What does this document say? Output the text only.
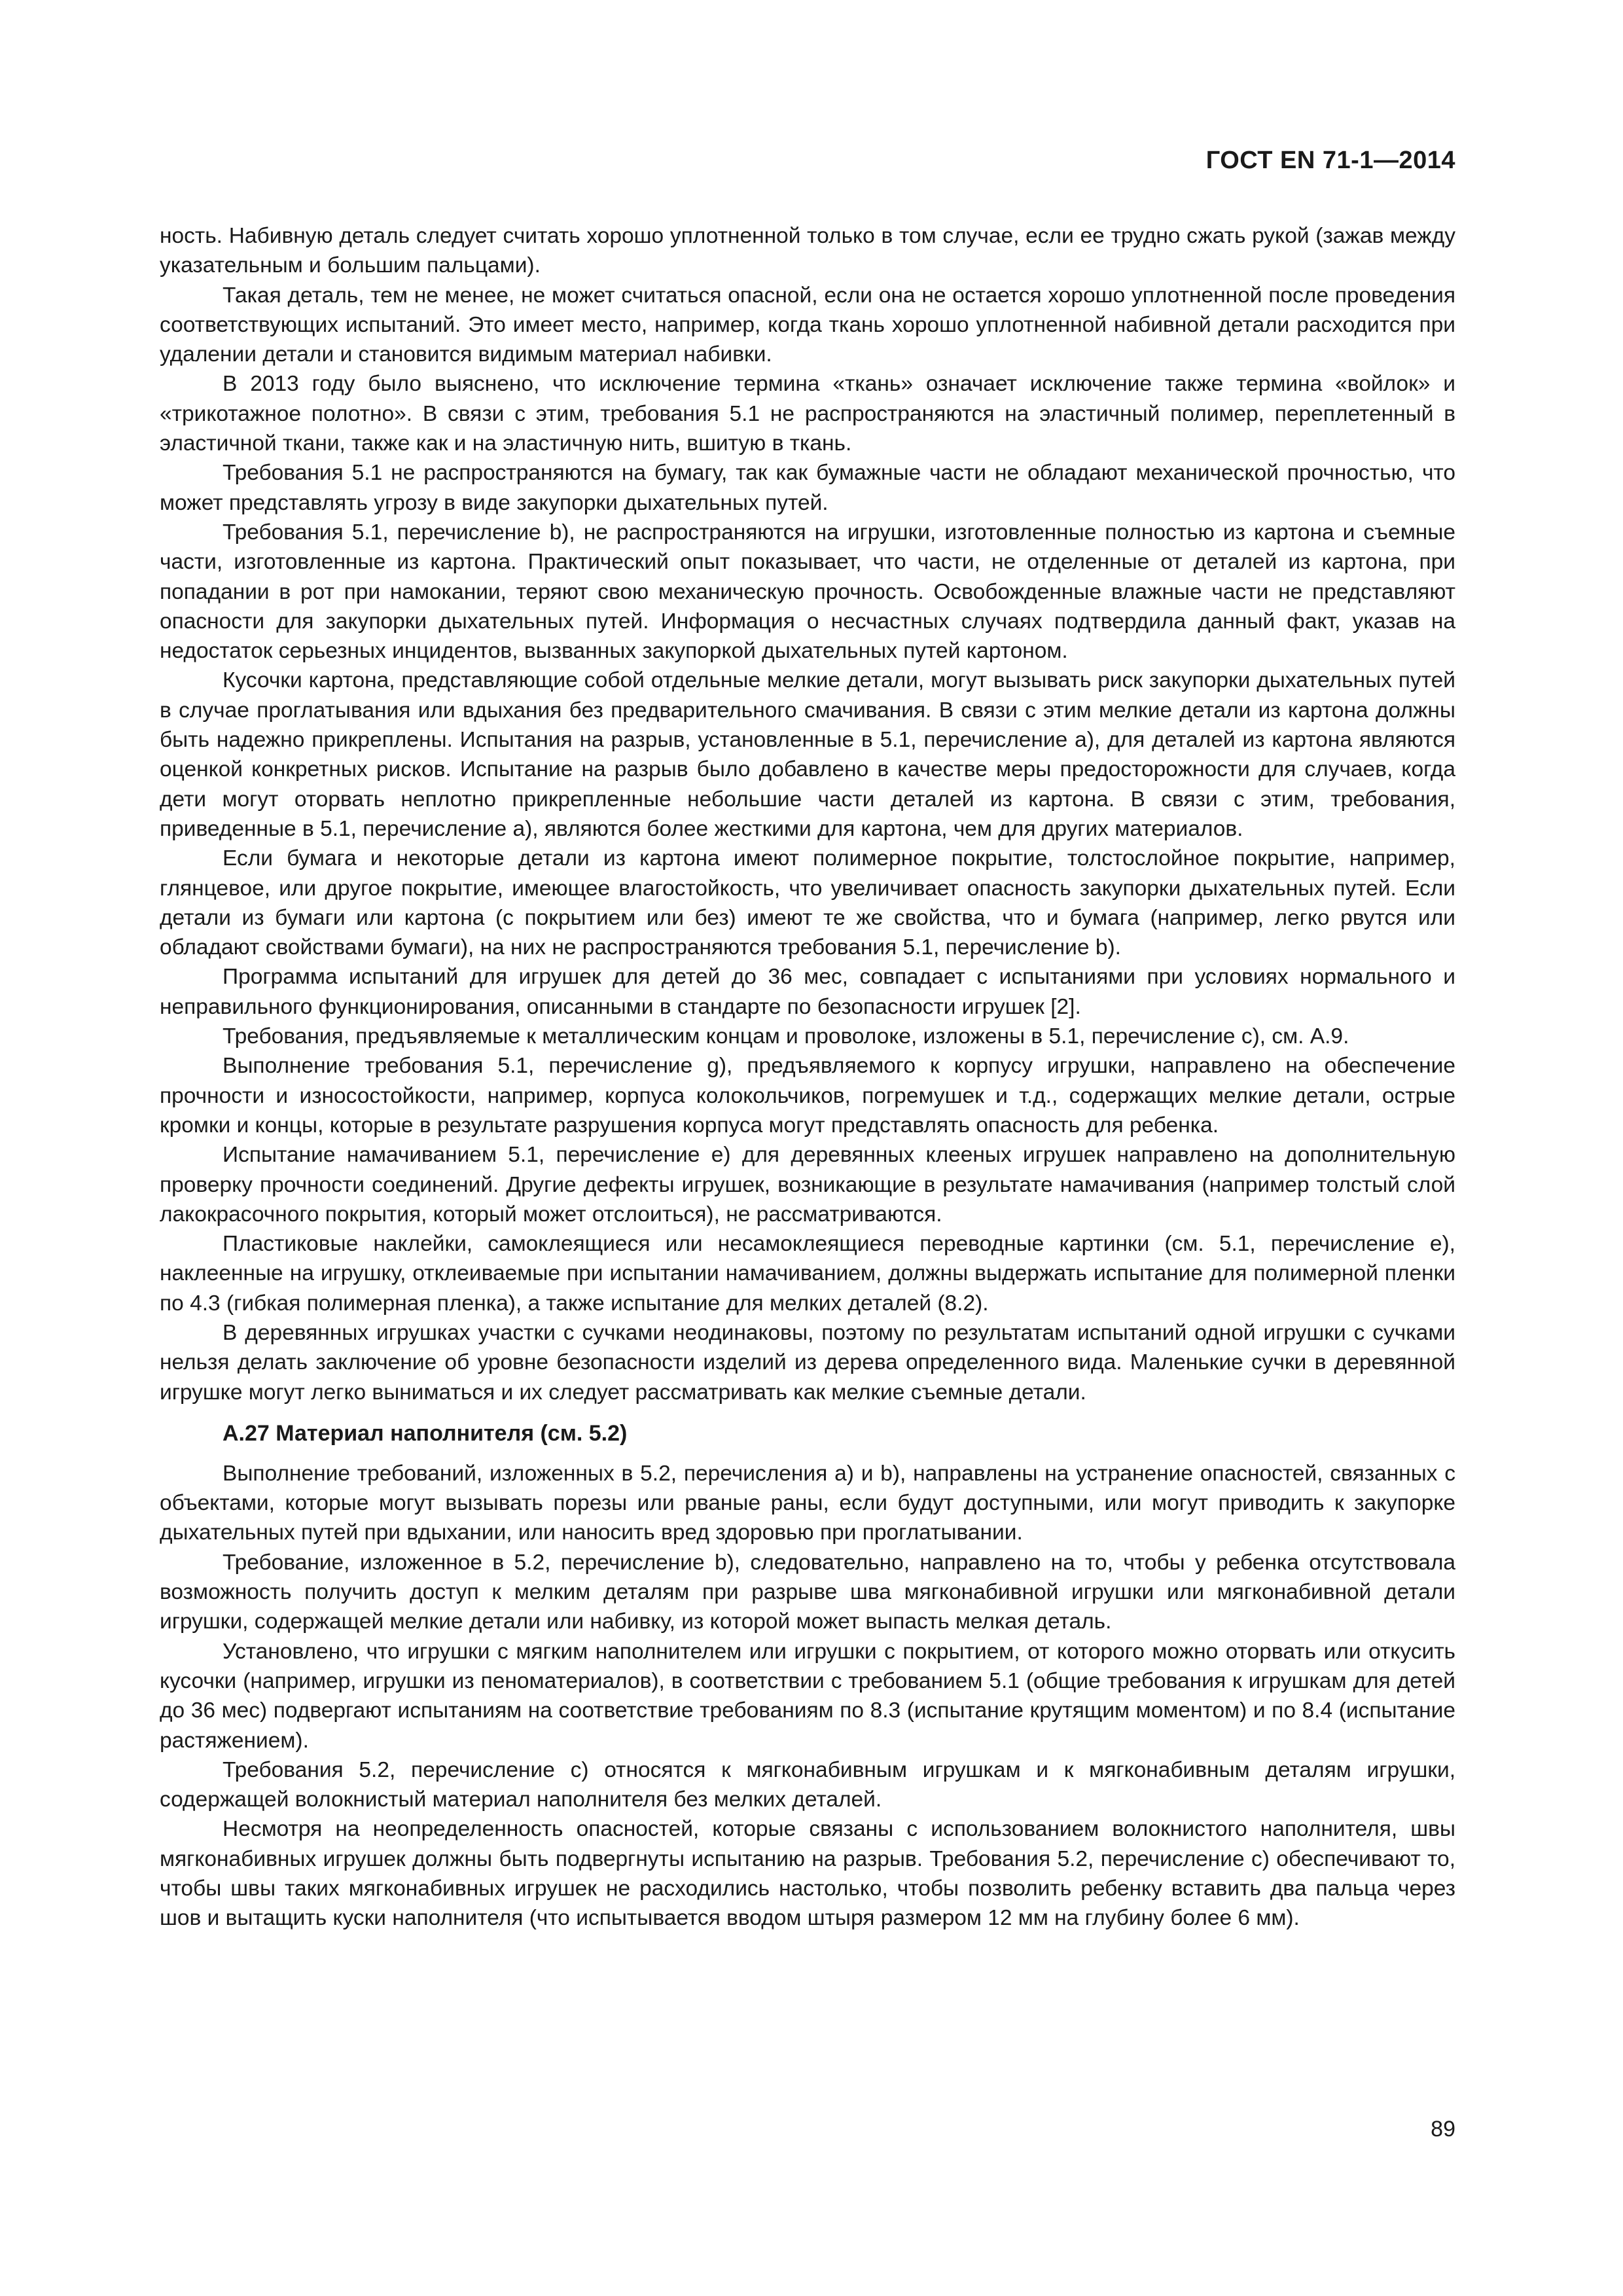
ГОСТ EN 71-1—2014

ность. Набивную деталь следует считать хорошо уплотненной только в том случае, если ее трудно сжать рукой (зажав между указательным и большим пальцами).

Такая деталь, тем не менее, не может считаться опасной, если она не остается хорошо уплотненной после проведения соответствующих испытаний. Это имеет место, например, когда ткань хорошо уплотненной набивной детали расходится при удалении детали и становится видимым материал набивки.

В 2013 году было выяснено, что исключение термина «ткань» означает исключение также термина «войлок» и «трикотажное полотно». В связи с этим, требования 5.1 не распространяются на эластичный полимер, переплетенный в эластичной ткани, также как и на эластичную нить, вшитую в ткань.

Требования 5.1 не распространяются на бумагу, так как бумажные части не обладают механической прочностью, что может представлять угрозу в виде закупорки дыхательных путей.

Требования 5.1, перечисление b), не распространяются на игрушки, изготовленные полностью из картона и съемные части, изготовленные из картона. Практический опыт показывает, что части, не отделенные от деталей из картона, при попадании в рот при намокании, теряют свою механическую прочность. Освобожденные влажные части не представляют опасности для закупорки дыхательных путей. Информация о несчастных случаях подтвердила данный факт, указав на недостаток серьезных инцидентов, вызванных закупоркой дыхательных путей картоном.

Кусочки картона, представляющие собой отдельные мелкие детали, могут вызывать риск закупорки дыхательных путей в случае проглатывания или вдыхания без предварительного смачивания. В связи с этим мелкие детали из картона должны быть надежно прикреплены. Испытания на разрыв, установленные в 5.1, перечисление а), для деталей из картона являются оценкой конкретных рисков. Испытание на разрыв было добавлено в качестве меры предосторожности для случаев, когда дети могут оторвать неплотно прикрепленные небольшие части деталей из картона. В связи с этим, требования, приведенные в 5.1, перечисление а), являются более жесткими для картона, чем для других материалов.

Если бумага и некоторые детали из картона имеют полимерное покрытие, толстослойное покрытие, например, глянцевое, или другое покрытие, имеющее влагостойкость, что увеличивает опасность закупорки дыхательных путей. Если детали из бумаги или картона (с покрытием или без) имеют те же свойства, что и бумага (например, легко рвутся или обладают свойствами бумаги), на них не распространяются требования 5.1, перечисление b).

Программа испытаний для игрушек для детей до 36 мес, совпадает с испытаниями при условиях нормального и неправильного функционирования, описанными в стандарте по безопасности игрушек [2].

Требования, предъявляемые к металлическим концам и проволоке, изложены в 5.1, перечисление с), см. А.9.

Выполнение требования 5.1, перечисление g), предъявляемого к корпусу игрушки, направлено на обеспечение прочности и износостойкости, например, корпуса колокольчиков, погремушек и т.д., содержащих мелкие детали, острые кромки и концы, которые в результате разрушения корпуса могут представлять опасность для ребенка.

Испытание намачиванием 5.1, перечисление е) для деревянных клееных игрушек направлено на дополнительную проверку прочности соединений. Другие дефекты игрушек, возникающие в результате намачивания (например толстый слой лакокрасочного покрытия, который может отслоиться), не рассматриваются.

Пластиковые наклейки, самоклеящиеся или несамоклеящиеся переводные картинки (см. 5.1, перечисление е), наклеенные на игрушку, отклеиваемые при испытании намачиванием, должны выдержать испытание для полимерной пленки по 4.3 (гибкая полимерная пленка), а также испытание для мелких деталей (8.2).

В деревянных игрушках участки с сучками неодинаковы, поэтому по результатам испытаний одной игрушки с сучками нельзя делать заключение об уровне безопасности изделий из дерева определенного вида. Маленькие сучки в деревянной игрушке могут легко выниматься и их следует рассматривать как мелкие съемные детали.

А.27 Материал наполнителя (см. 5.2)

Выполнение требований, изложенных в 5.2, перечисления а) и b), направлены на устранение опасностей, связанных с объектами, которые могут вызывать порезы или рваные раны, если будут доступными, или могут приводить к закупорке дыхательных путей при вдыхании, или наносить вред здоровью при проглатывании.

Требование, изложенное в 5.2, перечисление b), следовательно, направлено на то, чтобы у ребенка отсутствовала возможность получить доступ к мелким деталям при разрыве шва мягконабивной игрушки или мягконабивной детали игрушки, содержащей мелкие детали или набивку, из которой может выпасть мелкая деталь.

Установлено, что игрушки с мягким наполнителем или игрушки с покрытием, от которого можно оторвать или откусить кусочки (например, игрушки из пеноматериалов), в соответствии с требованием 5.1 (общие требования к игрушкам для детей до 36 мес) подвергают испытаниям на соответствие требованиям по 8.3 (испытание крутящим моментом) и по 8.4 (испытание растяжением).

Требования 5.2, перечисление с) относятся к мягконабивным игрушкам и к мягконабивным деталям игрушки, содержащей волокнистый материал наполнителя без мелких деталей.

Несмотря на неопределенность опасностей, которые связаны с использованием волокнистого наполнителя, швы мягконабивных игрушек должны быть подвергнуты испытанию на разрыв. Требования 5.2, перечисление с) обеспечивают то, чтобы швы таких мягконабивных игрушек не расходились настолько, чтобы позволить ребенку вставить два пальца через шов и вытащить куски наполнителя (что испытывается вводом штыря размером 12 мм на глубину более 6 мм).

89
